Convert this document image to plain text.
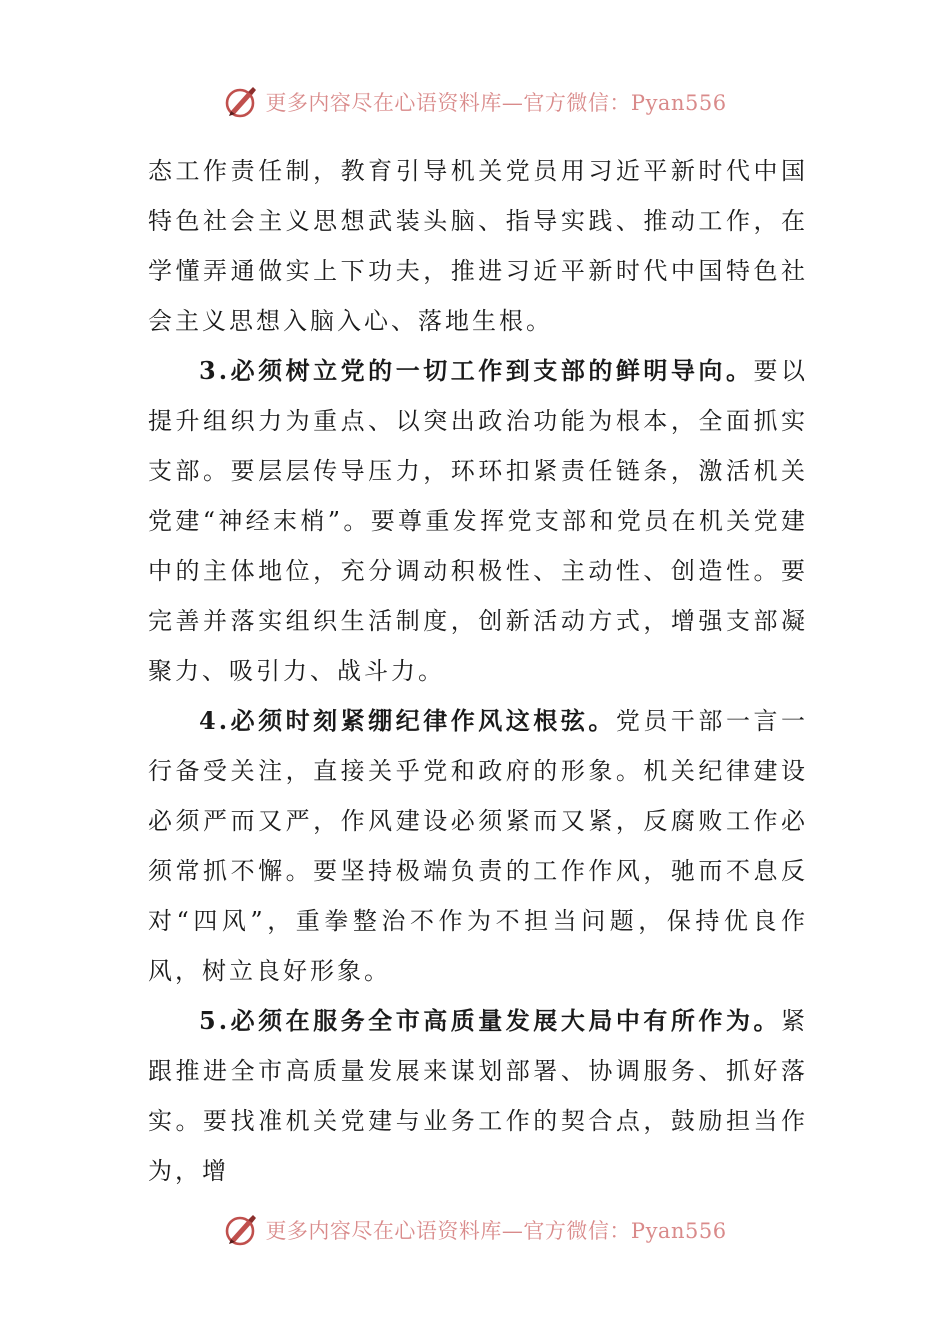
更多内容尽在心语资料库—官方微信：Pyan556

态工作责任制，教育引导机关党员用习近平新时代中国特色社会主义思想武装头脑、指导实践、推动工作，在学懂弄通做实上下功夫，推进习近平新时代中国特色社会主义思想入脑入心、落地生根。

3.必须树立党的一切工作到支部的鲜明导向。要以提升组织力为重点、以突出政治功能为根本，全面抓实支部。要层层传导压力，环环扣紧责任链条，激活机关党建“神经末梢”。要尊重发挥党支部和党员在机关党建中的主体地位，充分调动积极性、主动性、创造性。要完善并落实组织生活制度，创新活动方式，增强支部凝聚力、吸引力、战斗力。

4.必须时刻紧绷纪律作风这根弦。党员干部一言一行备受关注，直接关乎党和政府的形象。机关纪律建设必须严而又严，作风建设必须紧而又紧，反腐败工作必须常抓不懈。要坚持极端负责的工作作风，驰而不息反对“四风”，重拳整治不作为不担当问题，保持优良作风，树立良好形象。

5.必须在服务全市高质量发展大局中有所作为。紧跟推进全市高质量发展来谋划部署、协调服务、抓好落实。要找准机关党建与业务工作的契合点，鼓励担当作为，增

更多内容尽在心语资料库—官方微信：Pyan556
